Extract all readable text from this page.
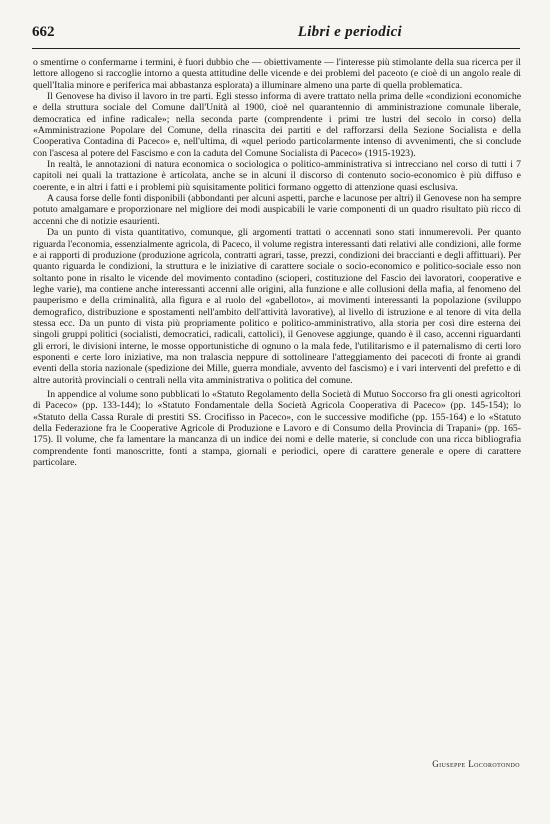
662	Libri e periodici

o smentirne o confermarne i termini, è fuori dubbio che — obiettivamente — l'interesse più stimolante della sua ricerca per il lettore allogeno si raccoglie intorno a questa attitudine delle vicende e dei problemi del paceoto (e cioè di un angolo reale di quell'Italia minore e periferica mai abbastanza esplorata) a illuminare almeno una parte di quella problematica.

Il Genovese ha diviso il lavoro in tre parti. Egli stesso informa di avere trattato nella prima delle «condizioni economiche e della struttura sociale del Comune dall'Unità al 1900, cioè nel quarantennio di amministrazione comunale liberale, democratica ed infine radicale»; nella seconda parte (comprendente i primi tre lustri del secolo in corso) della «Amministrazione Popolare del Comune, della rinascita dei partiti e del rafforzarsi della Sezione Socialista e della Cooperativa Contadina di Paceco» e, nell'ultima, di «quel periodo particolarmente intenso di avvenimenti, che si conclude con l'ascesa al potere del Fascismo e con la caduta del Comune Socialista di Paceco» (1915-1923).

In realtà, le annotazioni di natura economica o sociologica o politico-amministrativa si intrecciano nel corso di tutti i 7 capitoli nei quali la trattazione è articolata, anche se in alcuni il discorso di contenuto socio-economico è più diffuso e coerente, e in altri i fatti e i problemi più squisitamente politici formano oggetto di attenzione quasi esclusiva.

A causa forse delle fonti disponibili (abbondanti per alcuni aspetti, parche e lacunose per altri) il Genovese non ha sempre potuto amalgamare e proporzionare nel migliore dei modi auspicabili le varie componenti di un quadro risultato più ricco di accenni che di notizie esaurienti.

Da un punto di vista quantitativo, comunque, gli argomenti trattati o accennati sono stati innumerevoli. Per quanto riguarda l'economia, essenzialmente agricola, di Paceco, il volume registra interessanti dati relativi alle condizioni, alle forme e ai rapporti di produzione (produzione agricola, contratti agrari, tasse, prezzi, condizioni dei braccianti e degli affittuari). Per quanto riguarda le condizioni, la struttura e le iniziative di carattere sociale o socio-economico e politico-sociale esso non soltanto pone in risalto le vicende del movimento contadino (scioperi, costituzione del Fascio dei lavoratori, cooperative e leghe varie), ma contiene anche interessanti accenni alle origini, alla funzione e alle collusioni della mafia, al fenomeno del pauperismo e della criminalità, alla figura e al ruolo del «gabelloto», ai movimenti interessanti la popolazione (sviluppo demografico, distribuzione e spostamenti nell'ambito dell'attività lavorative), al livello di istruzione e al tenore di vita della stessa ecc. Da un punto di vista più propriamente politico e politico-amministrativo, alla storia per così dire esterna dei singoli gruppi politici (socialisti, democratici, radicali, cattolici), il Genovese aggiunge, quando è il caso, accenni riguardanti gli errori, le divisioni interne, le mosse opportunistiche di ognuno o la mala fede, l'utilitarismo e il paternalismo di certi loro esponenti e certe loro iniziative, ma non tralascia neppure di sottolineare l'atteggiamento dei pacecoti di fronte ai grandi eventi della storia nazionale (spedizione dei Mille, guerra mondiale, avvento del fascismo) e i vari interventi del prefetto e di altre autorità provinciali o centrali nella vita amministrativa o politica del comune.

In appendice al volume sono pubblicati lo «Statuto Regolamento della Società di Mutuo Soccorso fra gli onesti agricoltori di Paceco» (pp. 133-144); lo «Statuto Fondamentale della Società Agricola Cooperativa di Paceco» (pp. 145-154); lo «Statuto della Cassa Rurale di prestiti SS. Crocifisso in Paceco», con le successive modifiche (pp. 155-164) e lo «Statuto della Federazione fra le Cooperative Agricole di Produzione e Lavoro e di Consumo della Provincia di Trapani» (pp. 165-175). Il volume, che fa lamentare la mancanza di un indice dei nomi e delle materie, si conclude con una ricca bibliografia comprendente fonti manoscritte, fonti a stampa, giornali e periodici, opere di carattere generale e opere di carattere particolare.

Giuseppe Locorotondo
